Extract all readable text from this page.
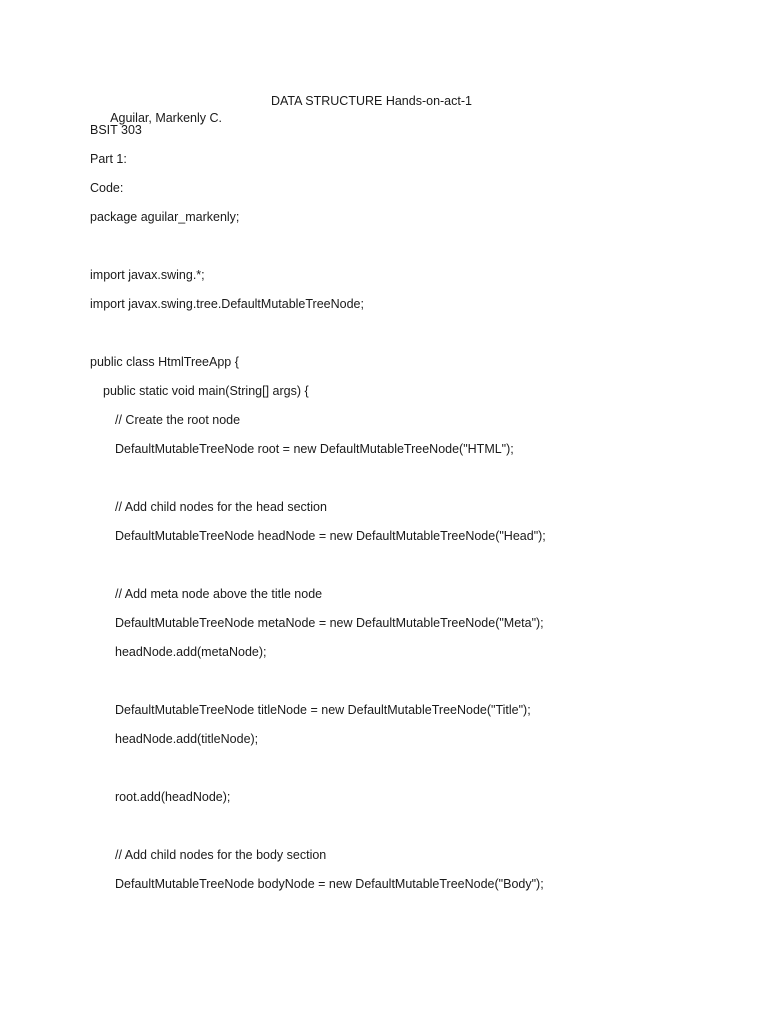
Aguilar, Markenly C.

DATA STRUCTURE Hands-on-act-1

BSIT 303
Part 1:
Code:
package aguilar_markenly;
import javax.swing.*;
import javax.swing.tree.DefaultMutableTreeNode;
public class HtmlTreeApp {
public static void main(String[] args) {
// Create the root node
DefaultMutableTreeNode root = new DefaultMutableTreeNode("HTML");
// Add child nodes for the head section
DefaultMutableTreeNode headNode = new DefaultMutableTreeNode("Head");
// Add meta node above the title node
DefaultMutableTreeNode metaNode = new DefaultMutableTreeNode("Meta");
headNode.add(metaNode);
DefaultMutableTreeNode titleNode = new DefaultMutableTreeNode("Title");
headNode.add(titleNode);
root.add(headNode);
// Add child nodes for the body section
DefaultMutableTreeNode bodyNode = new DefaultMutableTreeNode("Body");
